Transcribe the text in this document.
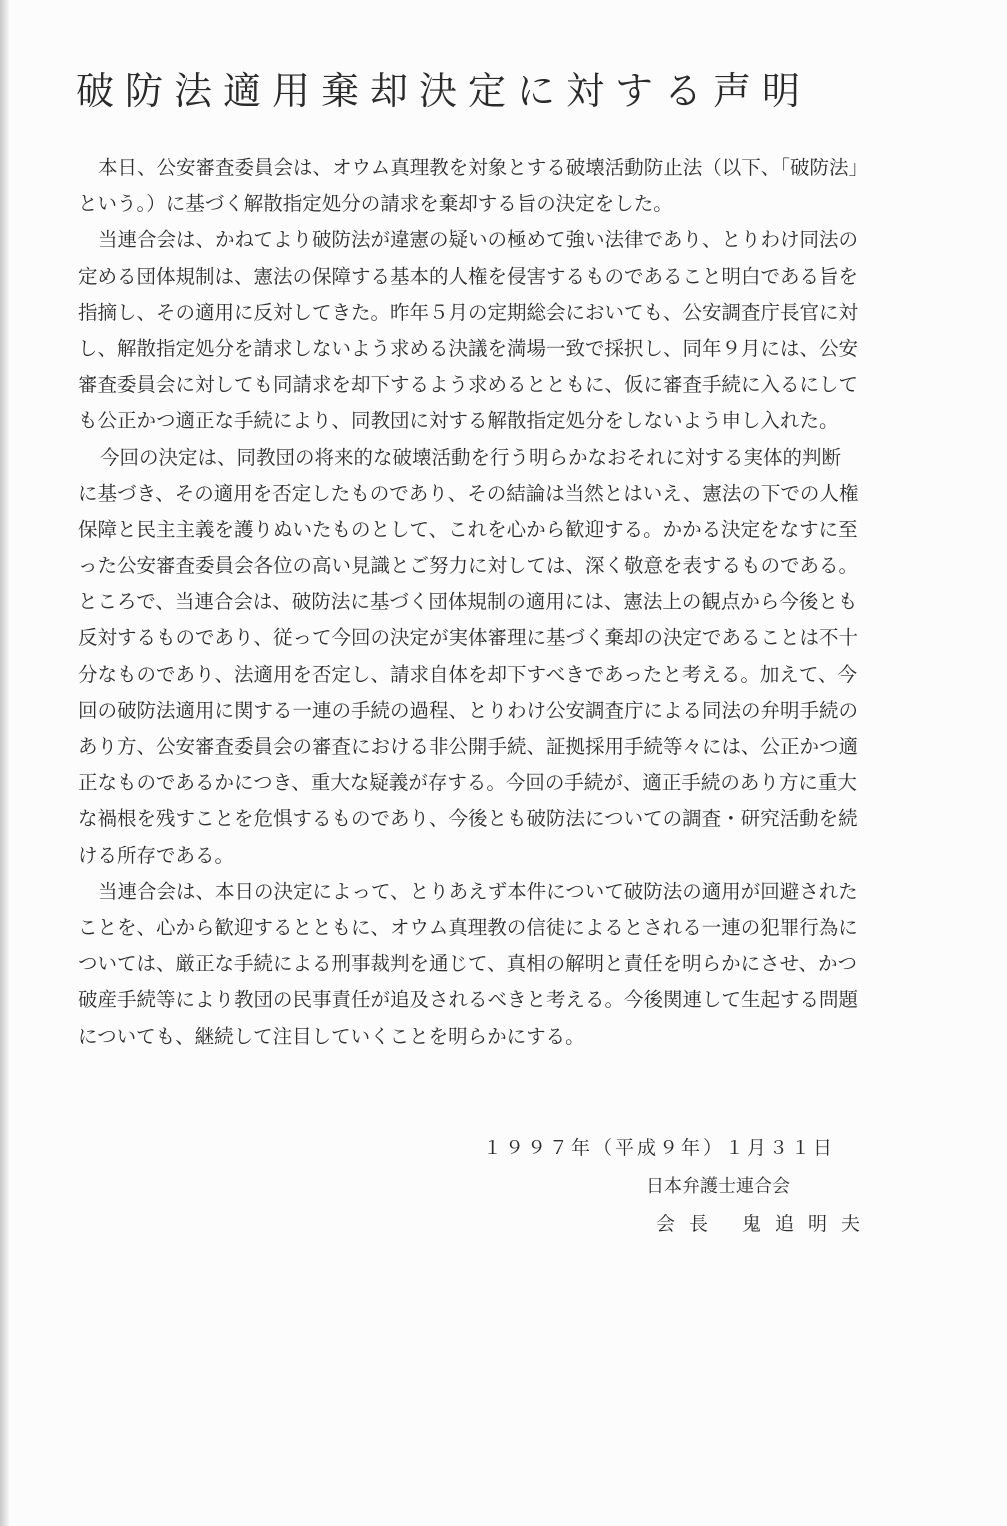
破防法適用棄却決定に対する声明
本日、公安審査委員会は、オウム真理教を対象とする破壊活動防止法（以下、「破防法」
という。）に基づく解散指定処分の請求を棄却する旨の決定をした。
当連合会は、かねてより破防法が違憲の疑いの極めて強い法律であり、とりわけ同法の
定める団体規制は、憲法の保障する基本的人権を侵害するものであること明白である旨を
指摘し、その適用に反対してきた。昨年５月の定期総会においても、公安調査庁長官に対
し、解散指定処分を請求しないよう求める決議を満場一致で採択し、同年９月には、公安
審査委員会に対しても同請求を却下するよう求めるとともに、仮に審査手続に入るにして
も公正かつ適正な手続により、同教団に対する解散指定処分をしないよう申し入れた。
今回の決定は、同教団の将来的な破壊活動を行う明らかなおそれに対する実体的判断
に基づき、その適用を否定したものであり、その結論は当然とはいえ、憲法の下での人権
保障と民主主義を護りぬいたものとして、これを心から歓迎する。かかる決定をなすに至
った公安審査委員会各位の高い見識とご努力に対しては、深く敬意を表するものである。
ところで、当連合会は、破防法に基づく団体規制の適用には、憲法上の観点から今後とも
反対するものであり、従って今回の決定が実体審理に基づく棄却の決定であることは不十
分なものであり、法適用を否定し、請求自体を却下すべきであったと考える。加えて、今
回の破防法適用に関する一連の手続の過程、とりわけ公安調査庁による同法の弁明手続の
あり方、公安審査委員会の審査における非公開手続、証拠採用手続等々には、公正かつ適
正なものであるかにつき、重大な疑義が存する。今回の手続が、適正手続のあり方に重大
な禍根を残すことを危惧するものであり、今後とも破防法についての調査・研究活動を続
ける所存である。
当連合会は、本日の決定によって、とりあえず本件について破防法の適用が回避された
ことを、心から歓迎するとともに、オウム真理教の信徒によるとされる一連の犯罪行為に
ついては、厳正な手続による刑事裁判を通じて、真相の解明と責任を明らかにさせ、かつ
破産手続等により教団の民事責任が追及されるべきと考える。今後関連して生起する問題
についても、継続して注目していくことを明らかにする。
１９９７年（平成９年）１月３１日
日本弁護士連合会
会長 鬼追明夫
